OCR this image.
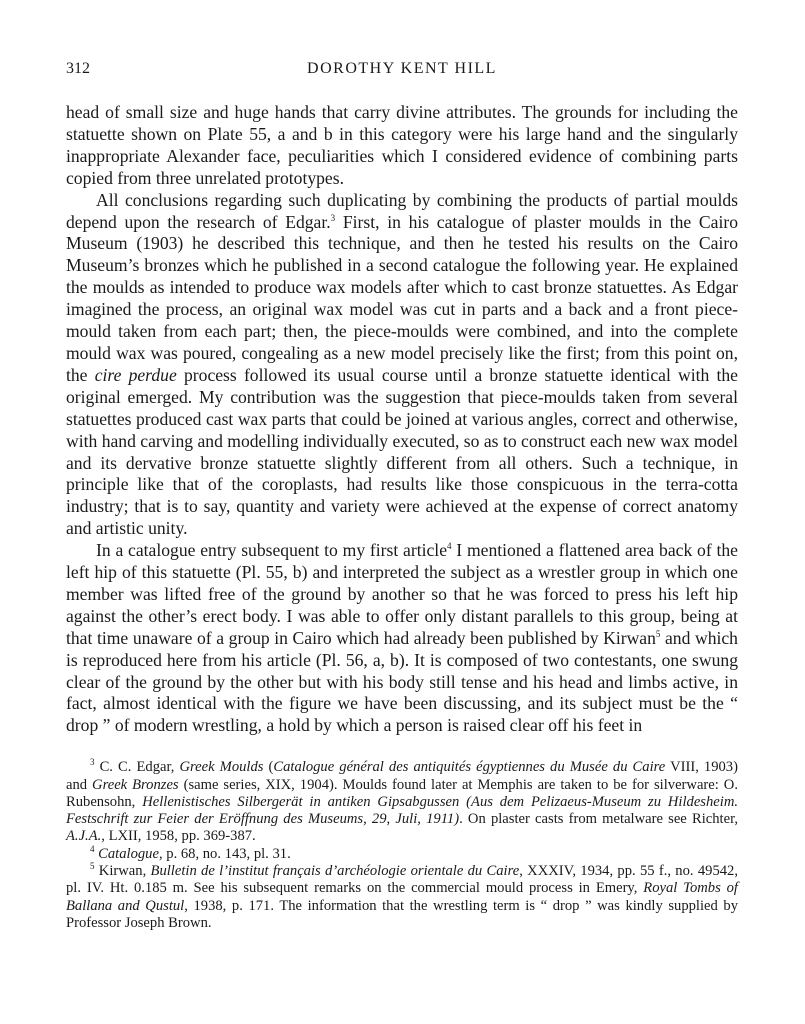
312	DOROTHY KENT HILL

head of small size and huge hands that carry divine attributes. The grounds for including the statuette shown on Plate 55, a and b in this category were his large hand and the singularly inappropriate Alexander face, peculiarities which I considered evidence of combining parts copied from three unrelated prototypes.

All conclusions regarding such duplicating by combining the products of partial moulds depend upon the research of Edgar.$^3$ First, in his catalogue of plaster moulds in the Cairo Museum (1903) he described this technique, and then he tested his results on the Cairo Museum’s bronzes which he published in a second catalogue the following year. He explained the moulds as intended to produce wax models after which to cast bronze statuettes. As Edgar imagined the process, an original wax model was cut in parts and a back and a front piece-mould taken from each part; then, the piece-moulds were combined, and into the complete mould wax was poured, congealing as a new model precisely like the first; from this point on, the cire perdue process followed its usual course until a bronze statuette identical with the original emerged. My contribution was the suggestion that piece-moulds taken from several statuettes produced cast wax parts that could be joined at various angles, correct and otherwise, with hand carving and modelling individually executed, so as to construct each new wax model and its dervative bronze statuette slightly different from all others. Such a technique, in principle like that of the coroplasts, had results like those conspicuous in the terra-cotta industry; that is to say, quantity and variety were achieved at the expense of correct anatomy and artistic unity.

In a catalogue entry subsequent to my first article$^4$ I mentioned a flattened area back of the left hip of this statuette (Pl. 55, b) and interpreted the subject as a wrestler group in which one member was lifted free of the ground by another so that he was forced to press his left hip against the other’s erect body. I was able to offer only distant parallels to this group, being at that time unaware of a group in Cairo which had already been published by Kirwan$^5$ and which is reproduced here from his article (Pl. 56, a, b). It is composed of two contestants, one swung clear of the ground by the other but with his body still tense and his head and limbs active, in fact, almost identical with the figure we have been discussing, and its subject must be the “ drop ” of modern wrestling, a hold by which a person is raised clear off his feet in

$^3$ C. C. Edgar, Greek Moulds (Catalogue général des antiquités égyptiennes du Musée du Caire VIII, 1903) and Greek Bronzes (same series, XIX, 1904). Moulds found later at Memphis are taken to be for silverware: O. Rubensohn, Hellenistisches Silbergerät in antiken Gipsabgussen (Aus dem Pelizaeus-Museum zu Hildesheim. Festschrift zur Feier der Eröffnung des Museums, 29, Juli, 1911). On plaster casts from metalware see Richter, A.J.A., LXII, 1958, pp. 369-387.

$^4$ Catalogue, p. 68, no. 143, pl. 31.

$^5$ Kirwan, Bulletin de l’institut français d’archéologie orientale du Caire, XXXIV, 1934, pp. 55 f., no. 49542, pl. IV. Ht. 0.185 m. See his subsequent remarks on the commercial mould process in Emery, Royal Tombs of Ballana and Qustul, 1938, p. 171. The information that the wrestling term is “ drop ” was kindly supplied by Professor Joseph Brown.
